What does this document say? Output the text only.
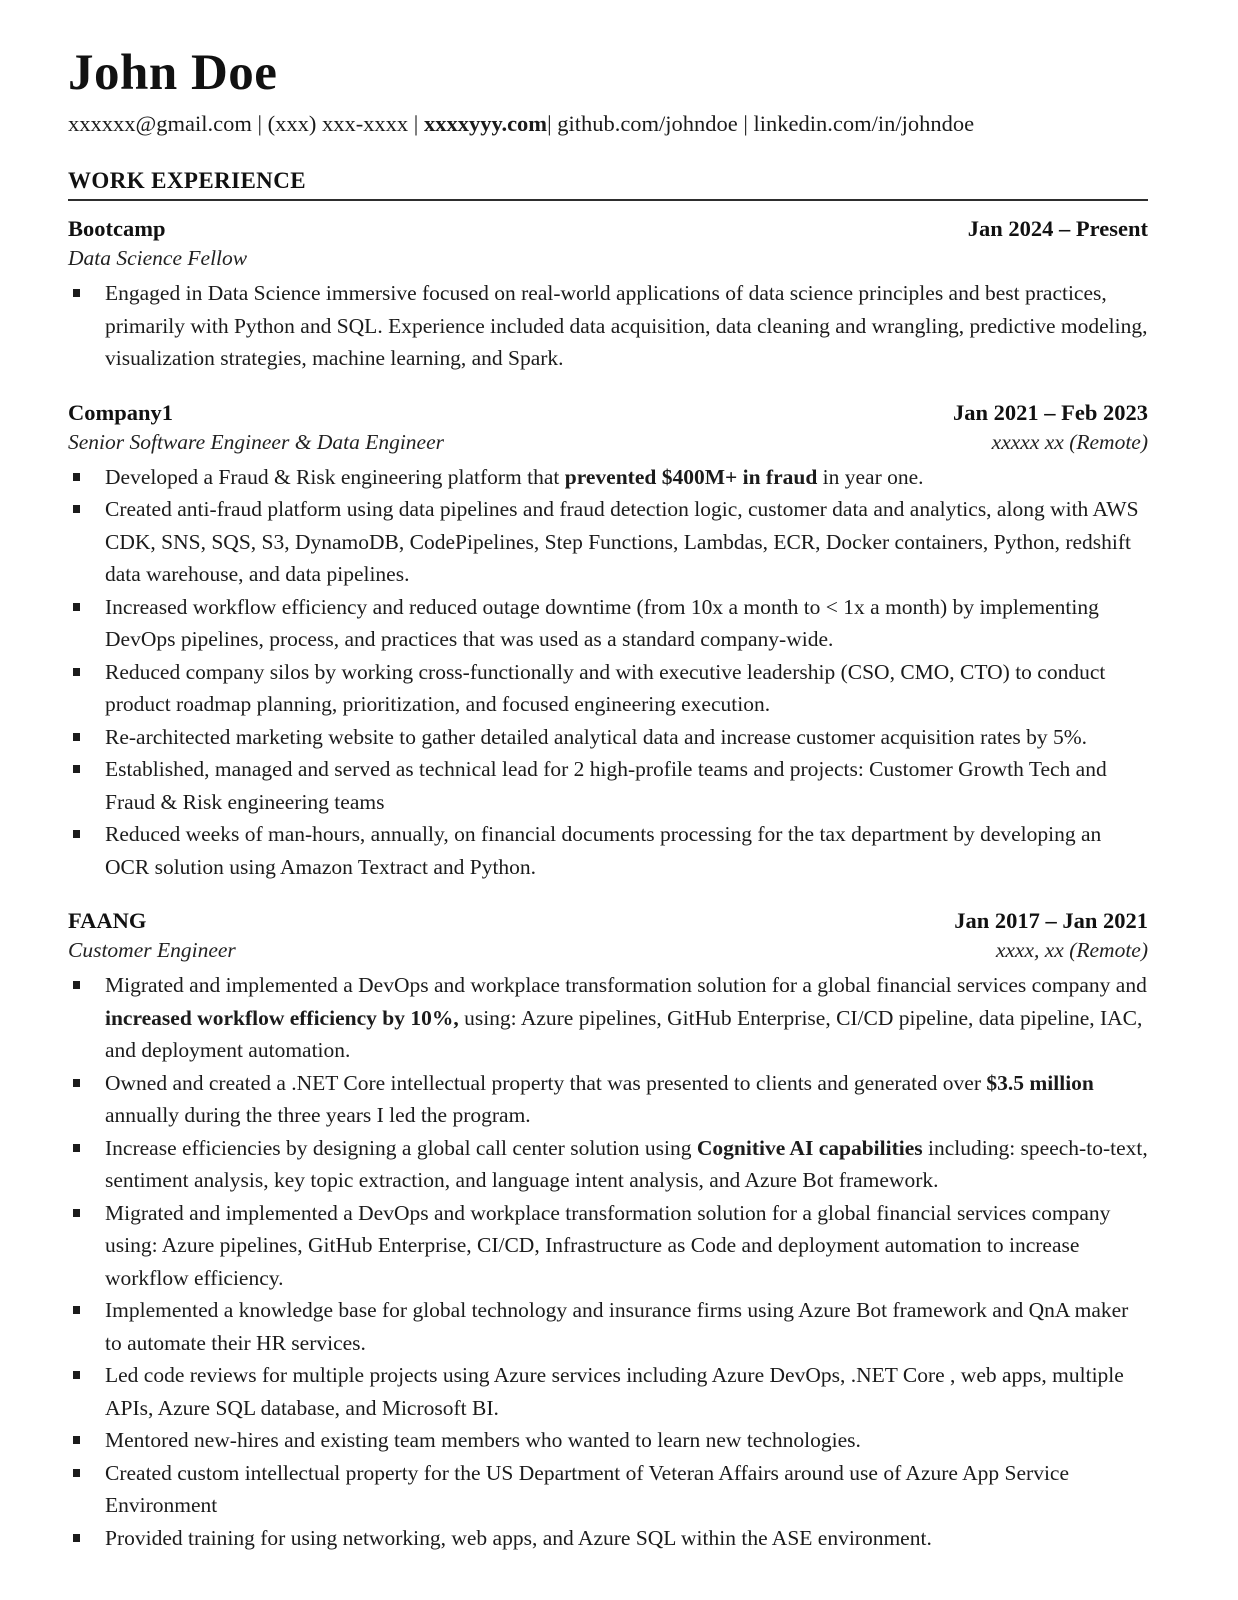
John Doe

xxxxxx@gmail.com | (xxx) xxx-xxxx | xxxxyyy.com| github.com/johndoe | linkedin.com/in/johndoe

WORK EXPERIENCE
Bootcamp	Jan 2024 – Present
Data Science Fellow
Engaged in Data Science immersive focused on real-world applications of data science principles and best practices, primarily with Python and SQL. Experience included data acquisition, data cleaning and wrangling, predictive modeling, visualization strategies, machine learning, and Spark.
Company1	Jan 2021 – Feb 2023
Senior Software Engineer & Data Engineer	xxxxx xx (Remote)
Developed a Fraud & Risk engineering platform that prevented $400M+ in fraud in year one.
Created anti-fraud platform using data pipelines and fraud detection logic, customer data and analytics, along with AWS CDK, SNS, SQS, S3, DynamoDB, CodePipelines, Step Functions, Lambdas, ECR, Docker containers, Python, redshift data warehouse, and data pipelines.
Increased workflow efficiency and reduced outage downtime (from 10x a month to < 1x a month) by implementing DevOps pipelines, process, and practices that was used as a standard company-wide.
Reduced company silos by working cross-functionally and with executive leadership (CSO, CMO, CTO) to conduct product roadmap planning, prioritization, and focused engineering execution.
Re-architected marketing website to gather detailed analytical data and increase customer acquisition rates by 5%.
Established, managed and served as technical lead for 2 high-profile teams and projects: Customer Growth Tech and Fraud & Risk engineering teams
Reduced weeks of man-hours, annually, on financial documents processing for the tax department by developing an OCR solution using Amazon Textract and Python.
FAANG	Jan 2017 – Jan 2021
Customer Engineer	xxxx, xx (Remote)
Migrated and implemented a DevOps and workplace transformation solution for a global financial services company and increased workflow efficiency by 10%, using: Azure pipelines, GitHub Enterprise, CI/CD pipeline, data pipeline, IAC, and deployment automation.
Owned and created a .NET Core intellectual property that was presented to clients and generated over $3.5 million annually during the three years I led the program.
Increase efficiencies by designing a global call center solution using Cognitive AI capabilities including: speech-to-text, sentiment analysis, key topic extraction, and language intent analysis, and Azure Bot framework.
Migrated and implemented a DevOps and workplace transformation solution for a global financial services company using: Azure pipelines, GitHub Enterprise, CI/CD, Infrastructure as Code and deployment automation to increase workflow efficiency.
Implemented a knowledge base for global technology and insurance firms using Azure Bot framework and QnA maker to automate their HR services.
Led code reviews for multiple projects using Azure services including Azure DevOps, .NET Core , web apps, multiple APIs, Azure SQL database, and Microsoft BI.
Mentored new-hires and existing team members who wanted to learn new technologies.
Created custom intellectual property for the US Department of Veteran Affairs around use of Azure App Service Environment
Provided training for using networking, web apps, and Azure SQL within the ASE environment.
